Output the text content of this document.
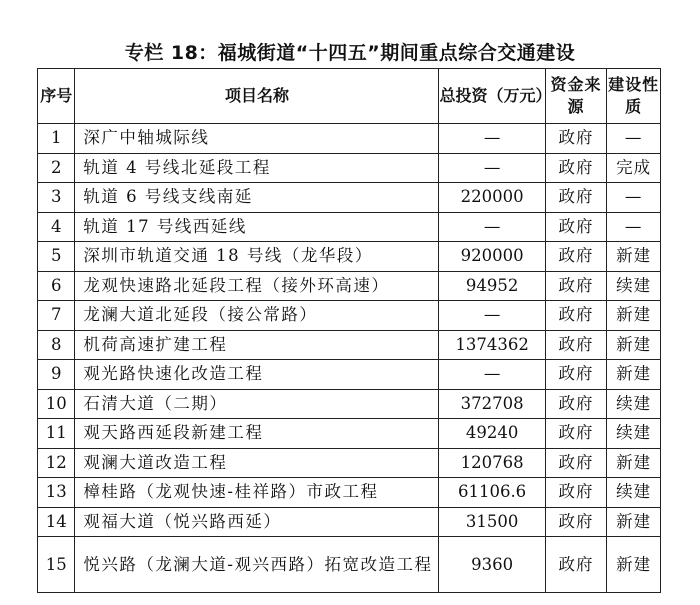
专栏 18：福城街道“十四五”期间重点综合交通建设
序号	项目名称	总投资（万元）	资金来源	建设性质
1	深广中轴城际线	—	政府	—
2	轨道 4 号线北延段工程	—	政府	完成
3	轨道 6 号线支线南延	220000	政府	—
4	轨道 17 号线西延线	—	政府	—
5	深圳市轨道交通 18 号线（龙华段）	920000	政府	新建
6	龙观快速路北延段工程（接外环高速）	94952	政府	续建
7	龙澜大道北延段（接公常路）	—	政府	新建
8	机荷高速扩建工程	1374362	政府	新建
9	观光路快速化改造工程	—	政府	新建
10	石清大道（二期）	372708	政府	续建
11	观天路西延段新建工程	49240	政府	续建
12	观澜大道改造工程	120768	政府	新建
13	樟桂路（龙观快速-桂祥路）市政工程	61106.6	政府	续建
14	观福大道（悦兴路西延）	31500	政府	新建
15	悦兴路（龙澜大道-观兴西路）拓宽改造工程	9360	政府	新建
